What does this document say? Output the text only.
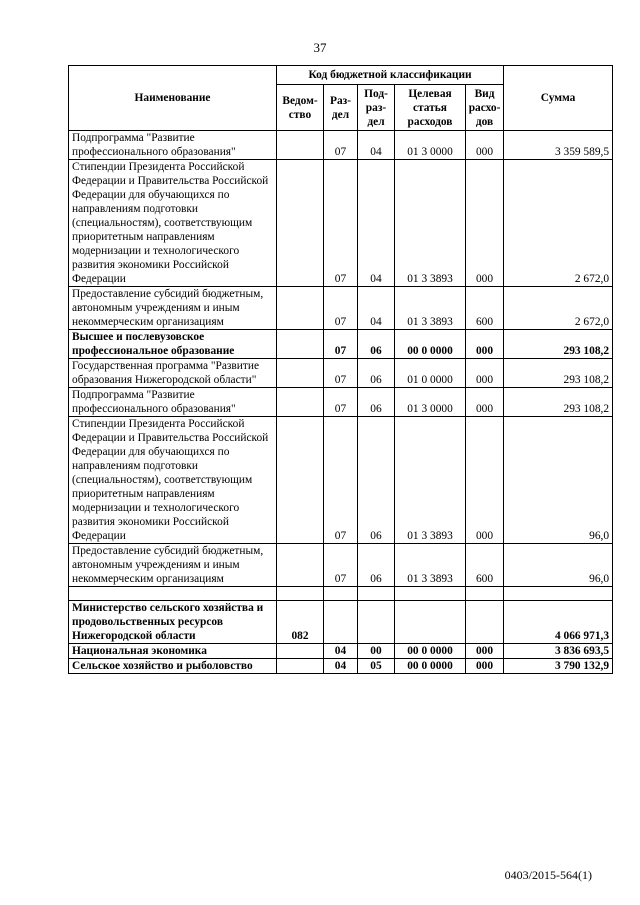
37
Наименование	Код бюджетной классификации					Сумма
	Ведом-ство	Раз-дел	Под-раз-дел	Целевая статья расходов	Вид расхо-дов	
Подпрограмма "Развитие профессионального образования"		07	04	01 3 0000	000	3 359 589,5
Стипендии Президента Российской Федерации и Правительства Российской Федерации для обучающихся по направлениям подготовки (специальностям), соответствующим приоритетным направлениям модернизации и технологического развития экономики Российской Федерации		07	04	01 3 3893	000	2 672,0
Предоставление субсидий бюджетным, автономным учреждениям и иным некоммерческим организациям		07	04	01 3 3893	600	2 672,0
Высшее и послевузовское профессиональное образование		07	06	00 0 0000	000	293 108,2
Государственная программа "Развитие образования Нижегородской области"		07	06	01 0 0000	000	293 108,2
Подпрограмма "Развитие профессионального образования"		07	06	01 3 0000	000	293 108,2
Стипендии Президента Российской Федерации и Правительства Российской Федерации для обучающихся по направлениям подготовки (специальностям), соответствующим приоритетным направлениям модернизации и технологического развития экономики Российской Федерации		07	06	01 3 3893	000	96,0
Предоставление субсидий бюджетным, автономным учреждениям и иным некоммерческим организациям		07	06	01 3 3893	600	96,0

Министерство сельского хозяйства и продовольственных ресурсов Нижегородской области	082					4 066 971,3
Национальная экономика		04	00	00 0 0000	000	3 836 693,5
Сельское хозяйство и рыболовство		04	05	00 0 0000	000	3 790 132,9
0403/2015-564(1)
